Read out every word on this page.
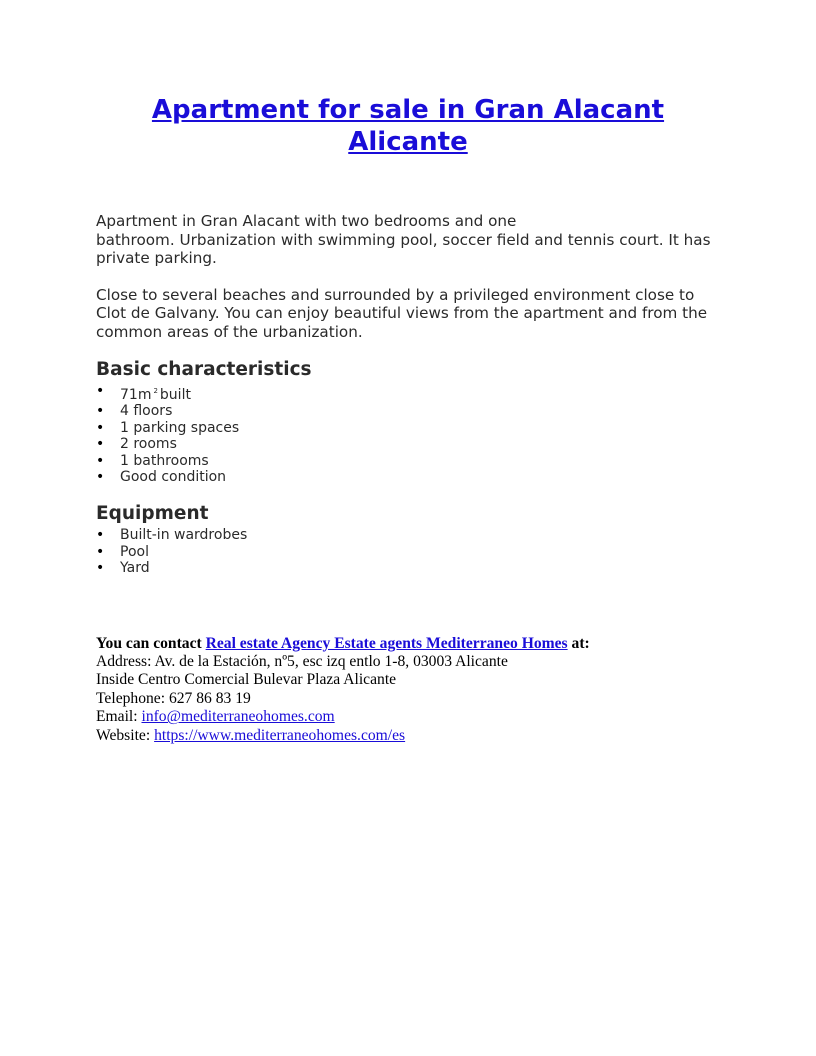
Apartment for sale in Gran Alacant
Alicante

Apartment in Gran Alacant with two bedrooms and one
bathroom. Urbanization with swimming pool, soccer field and tennis court. It has private parking.

Close to several beaches and surrounded by a privileged environment close to Clot de Galvany. You can enjoy beautiful views from the apartment and from the common areas of the urbanization.

Basic characteristics
• 71m $^2$ built
• 4 floors
• 1 parking spaces
• 2 rooms
• 1 bathrooms
• Good condition
Equipment
• Built-in wardrobes
• Pool
• Yard
You can contact Real estate Agency Estate agents Mediterraneo Homes at:
Address: Av. de la Estación, nº5, esc izq entlo 1-8, 03003 Alicante
Inside Centro Comercial Bulevar Plaza Alicante
Telephone: 627 86 83 19
Email: info@mediterraneohomes.com
Website: https://www.mediterraneohomes.com/es
